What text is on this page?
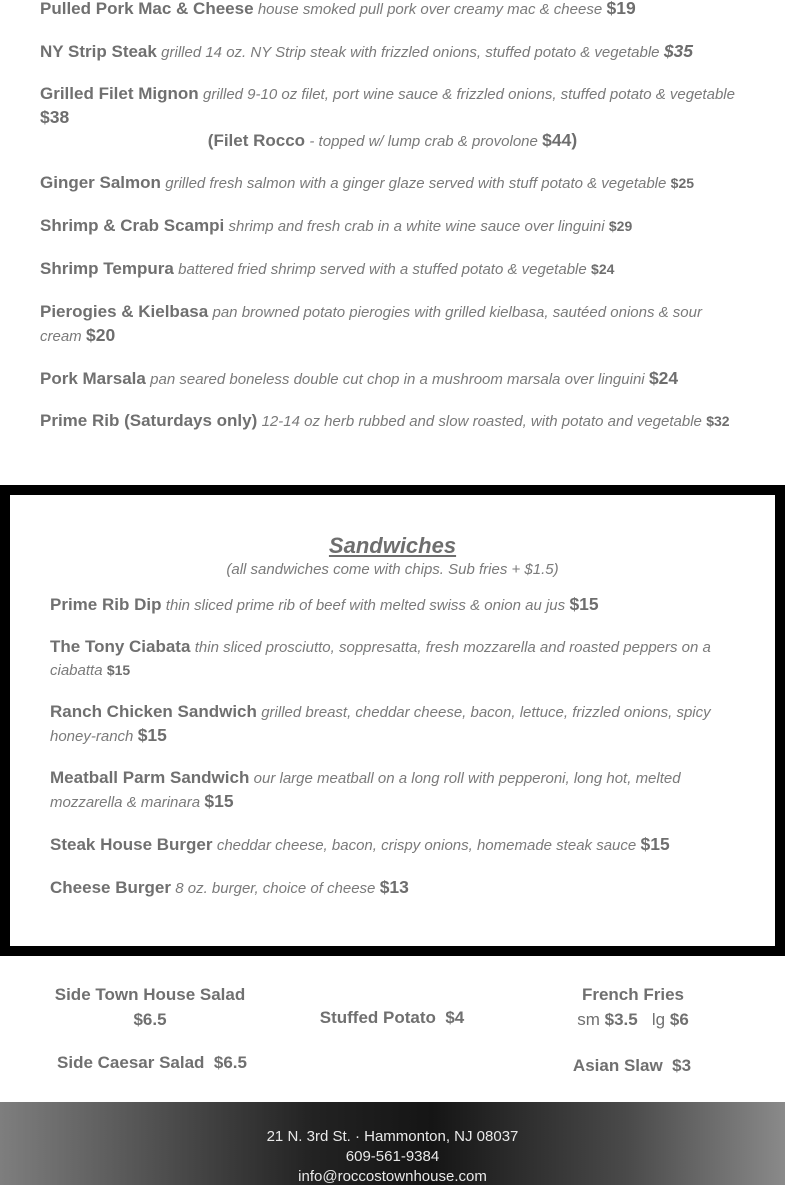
Pulled Pork Mac & Cheese house smoked pull pork over creamy mac & cheese $19
NY Strip Steak grilled 14 oz. NY Strip steak with frizzled onions, stuffed potato & vegetable $35
Grilled Filet Mignon grilled 9-10 oz filet, port wine sauce & frizzled onions, stuffed potato & vegetable $38
(Filet Rocco - topped w/ lump crab & provolone $44)
Ginger Salmon grilled fresh salmon with a ginger glaze served with stuff potato & vegetable $25
Shrimp & Crab Scampi shrimp and fresh crab in a white wine sauce over linguini $29
Shrimp Tempura battered fried shrimp served with a stuffed potato & vegetable $24
Pierogies & Kielbasa pan browned potato pierogies with grilled kielbasa, sautéed onions & sour cream $20
Pork Marsala pan seared boneless double cut chop in a mushroom marsala over linguini $24
Prime Rib (Saturdays only) 12-14 oz herb rubbed and slow roasted, with potato and vegetable $32
Sandwiches
(all sandwiches come with chips. Sub fries + $1.5)
Prime Rib Dip thin sliced prime rib of beef with melted swiss & onion au jus $15
The Tony Ciabata thin sliced prosciutto, soppresatta, fresh mozzarella and roasted peppers on a ciabatta $15
Ranch Chicken Sandwich grilled breast, cheddar cheese, bacon, lettuce, frizzled onions, spicy honey-ranch $15
Meatball Parm Sandwich our large meatball on a long roll with pepperoni, long hot, melted mozzarella & marinara $15
Steak House Burger cheddar cheese, bacon, crispy onions, homemade steak sauce $15
Cheese Burger 8 oz. burger, choice of cheese $13
Side Town House Salad
$6.5
Side Caesar Salad $6.5
Stuffed Potato $4
French Fries
sm $3.5 lg $6
Asian Slaw $3
21 N. 3rd St. · Hammonton, NJ 08037
609-561-9384
info@roccostownhouse.com
